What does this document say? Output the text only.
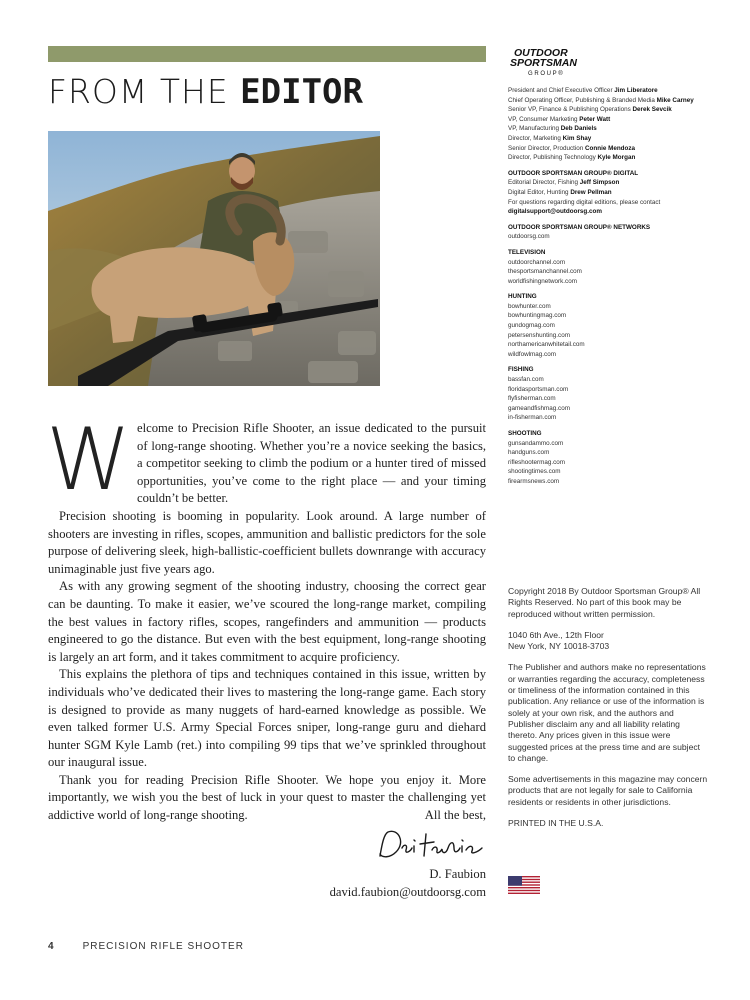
FROM THE EDITOR

Welcome to Precision Rifle Shooter, an issue dedicated to the pursuit of long-range shooting. Whether you’re a novice seeking the basics, a competitor seeking to climb the podium or a hunter tired of missed opportunities, you’ve come to the right place — and your timing couldn’t be better.

Precision shooting is booming in popularity. Look around. A large number of shooters are investing in rifles, scopes, ammunition and ballistic predictors for the sole purpose of delivering sleek, high-ballistic-coefficient bullets downrange with accuracy unimaginable just five years ago.

As with any growing segment of the shooting industry, choosing the correct gear can be daunting. To make it easier, we’ve scoured the long-range market, compiling the best values in factory rifles, scopes, rangefinders and ammunition — products engineered to go the distance. But even with the best equipment, long-range shooting is largely an art form, and it takes commitment to acquire proficiency.

This explains the plethora of tips and techniques contained in this issue, written by individuals who’ve dedicated their lives to mastering the long-range game. Each story is designed to provide as many nuggets of hard-earned knowledge as possible. We even talked former U.S. Army Special Forces sniper, long-range guru and diehard hunter SGM Kyle Lamb (ret.) into compiling 99 tips that we’ve sprinkled throughout our inaugural issue.

Thank you for reading Precision Rifle Shooter. We hope you enjoy it. More importantly, we wish you the best of luck in your quest to master the challenging yet addictive world of long-range shooting.	All the best,
D. Faubion
david.faubion@outdoorsg.com
4	PRECISION RIFLE SHOOTER
OUTDOOR
SPORTSMAN
G R O U P ®
President and Chief Executive Officer Jim Liberatore
Chief Operating Officer, Publishing & Branded Media Mike Carney
Senior VP, Finance & Publishing Operations Derek Sevcik
VP, Consumer Marketing Peter Watt
VP, Manufacturing Deb Daniels
Director, Marketing Kim Shay
Senior Director, Production Connie Mendoza
Director, Publishing Technology Kyle Morgan
OUTDOOR SPORTSMAN GROUP® DIGITAL
Editorial Director, Fishing Jeff Simpson
Digital Editor, Hunting Drew Pellman
For questions regarding digital editions, please contact
digitalsupport@outdoorsg.com
OUTDOOR SPORTSMAN GROUP® NETWORKS
outdoorsg.com
TELEVISION
outdoorchannel.com
thesportsmanchannel.com
worldfishingnetwork.com
HUNTING
bowhunter.com
bowhuntingmag.com
gundogmag.com
petersenshunting.com
northamericanwhitetail.com
wildfowlmag.com
FISHING
bassfan.com
floridasportsman.com
flyfisherman.com
gameandfishmag.com
in-fisherman.com
SHOOTING
gunsandammo.com
handguns.com
rifleshootermag.com
shootingtimes.com
firearmsnews.com
Copyright 2018 By Outdoor Sportsman Group® All Rights Reserved. No part of this book may be reproduced without written permission.
1040 6th Ave., 12th Floor
New York, NY 10018-3703
The Publisher and authors make no representations or warranties regarding the accuracy, completeness or timeliness of the information contained in this publication. Any reliance or use of the information is solely at your own risk, and the authors and Publisher disclaim any and all liability relating thereto. Any prices given in this issue were suggested prices at the press time and are subject to change.
Some advertisements in this magazine may concern products that are not legally for sale to California residents or residents in other jurisdictions.
PRINTED IN THE U.S.A.
